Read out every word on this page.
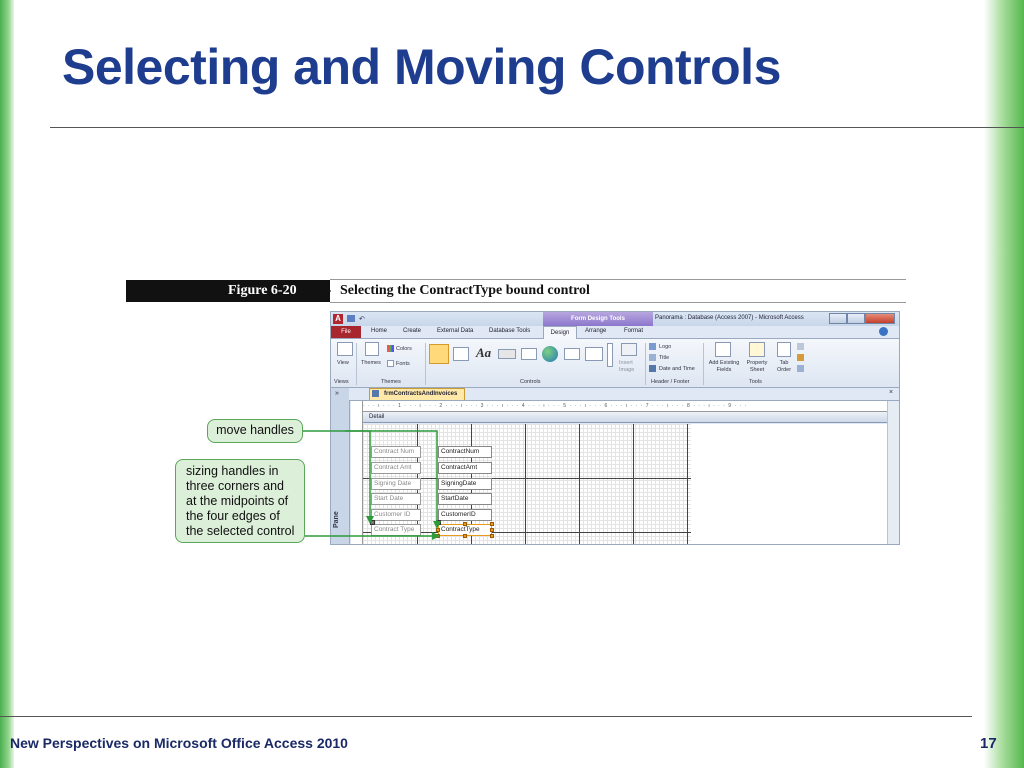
Selecting and Moving Controls
Figure 6-20	Selecting the ContractType bound control
A	↶	Form Design Tools	Panorama : Database (Access 2007) - Microsoft Access
Home	Create	External Data	Database Tools	Arrange	Format
File	Design
View
Views
Themes
Colors
Fonts
Themes
Aa
Controls
Insert Image
Logo
Title
Date and Time
Header / Footer
Add Existing Fields
Property Sheet
Tab Order
Tools
»
Pane
frmContractsAndInvoices	×
· · · ı · · · 1 · · · ı · · · 2 · · · ı · · · 3 · · · ı · · · 4 · · · ı · · · 5 · · · ı · · · 6 · · · ı · · · 7 · · · ı · · · 8 · · · ı · · · 9 · · ·
Detail
Contract Num	ContractNum
Contract Amt	ContractAmt
Signing Date	SigningDate
Start Date	StartDate
Customer ID	CustomerID
Contract Type	ContractType
move handles
sizing handles in
three corners and
at the midpoints of
the four edges of
the selected control
New Perspectives on Microsoft Office Access 2010	17
